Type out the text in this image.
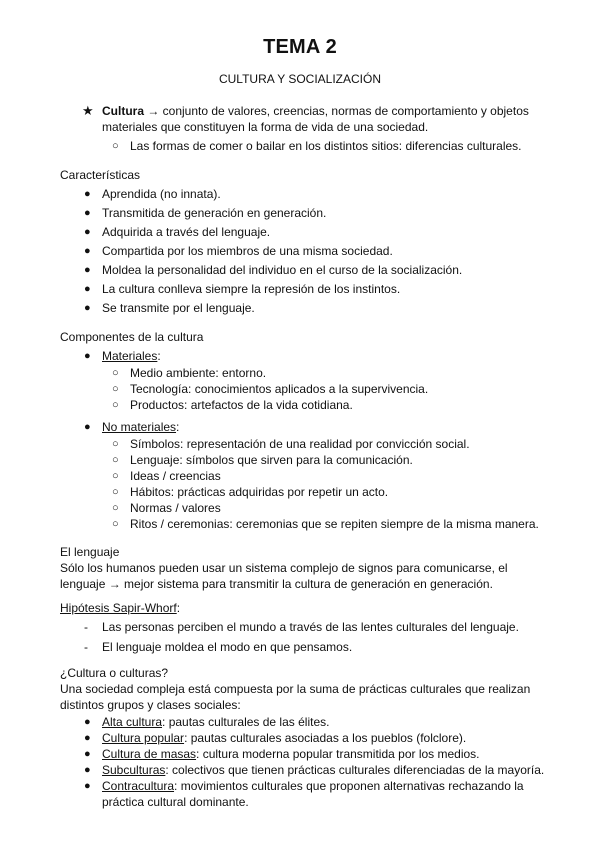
TEMA 2
CULTURA Y SOCIALIZACIÓN
★ Cultura → conjunto de valores, creencias, normas de comportamiento y objetos materiales que constituyen la forma de vida de una sociedad.
○ Las formas de comer o bailar en los distintos sitios: diferencias culturales.
Características
● Aprendida (no innata).
● Transmitida de generación en generación.
● Adquirida a través del lenguaje.
● Compartida por los miembros de una misma sociedad.
● Moldea la personalidad del individuo en el curso de la socialización.
● La cultura conlleva siempre la represión de los instintos.
● Se transmite por el lenguaje.
Componentes de la cultura
● Materiales:
○ Medio ambiente: entorno.
○ Tecnología: conocimientos aplicados a la supervivencia.
○ Productos: artefactos de la vida cotidiana.
● No materiales:
○ Símbolos: representación de una realidad por convicción social.
○ Lenguaje: símbolos que sirven para la comunicación.
○ Ideas / creencias
○ Hábitos: prácticas adquiridas por repetir un acto.
○ Normas / valores
○ Ritos / ceremonias: ceremonias que se repiten siempre de la misma manera.
El lenguaje
Sólo los humanos pueden usar un sistema complejo de signos para comunicarse, el lenguaje → mejor sistema para transmitir la cultura de generación en generación.
Hipótesis Sapir-Whorf:
- Las personas perciben el mundo a través de las lentes culturales del lenguaje.
- El lenguaje moldea el modo en que pensamos.
¿Cultura o culturas?
Una sociedad compleja está compuesta por la suma de prácticas culturales que realizan distintos grupos y clases sociales:
● Alta cultura: pautas culturales de las élites.
● Cultura popular: pautas culturales asociadas a los pueblos (folclore).
● Cultura de masas: cultura moderna popular transmitida por los medios.
● Subculturas: colectivos que tienen prácticas culturales diferenciadas de la mayoría.
● Contracultura: movimientos culturales que proponen alternativas rechazando la práctica cultural dominante.
